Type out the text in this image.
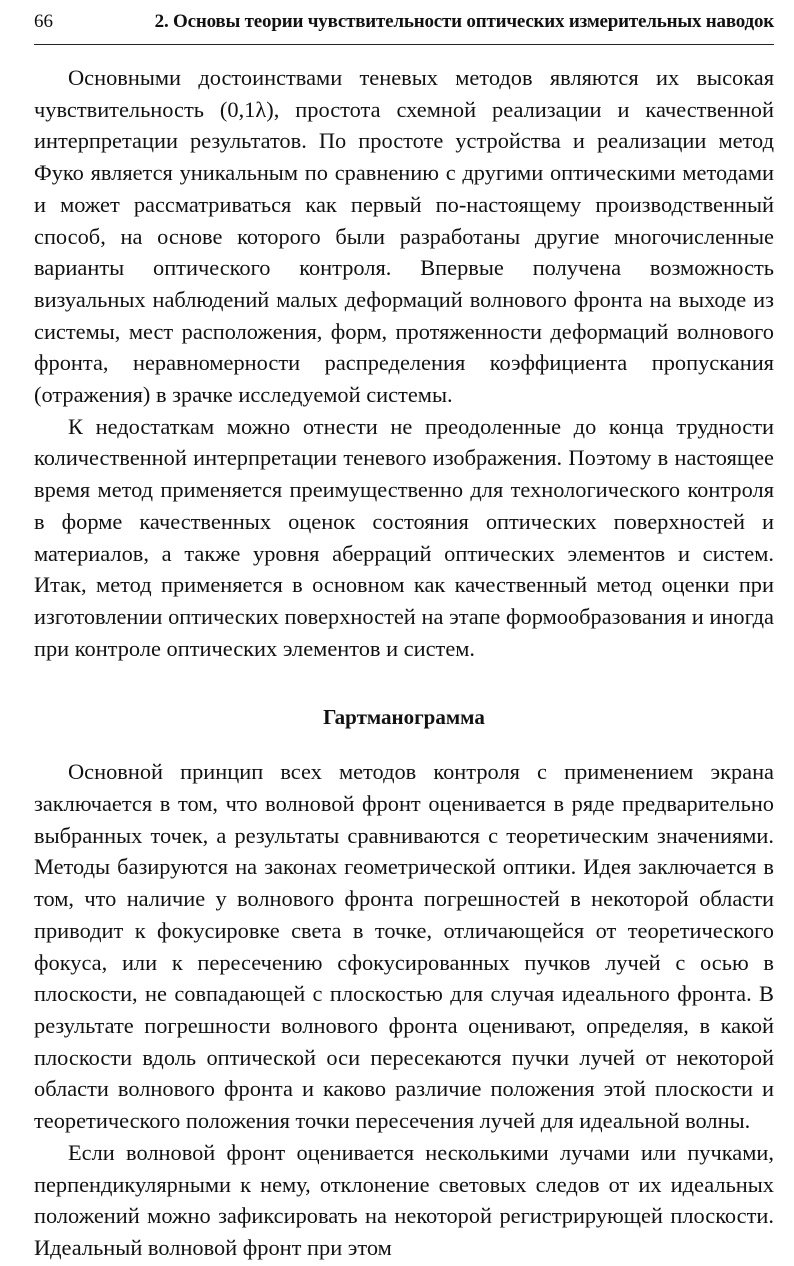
66	2. Основы теории чувствительности оптических измерительных наводок

Основными достоинствами теневых методов являются их высокая чувствительность (0,1λ), простота схемной реализации и качественной интерпретации результатов. По простоте устройства и реализации метод Фуко является уникальным по сравнению с другими оптическими методами и может рассматриваться как первый по-настоящему производственный способ, на основе которого были разработаны другие многочисленные варианты оптического контроля. Впервые получена возможность визуальных наблюдений малых деформаций волнового фронта на выходе из системы, мест расположения, форм, протяженности деформаций волнового фронта, неравномерности распределения коэффициента пропускания (отражения) в зрачке исследуемой системы.

К недостаткам можно отнести не преодоленные до конца трудности количественной интерпретации теневого изображения. Поэтому в настоящее время метод применяется преимущественно для технологического контроля в форме качественных оценок состояния оптических поверхностей и материалов, а также уровня аберраций оптических элементов и систем. Итак, метод применяется в основном как качественный метод оценки при изготовлении оптических поверхностей на этапе формообразования и иногда при контроле оптических элементов и систем.

Гартманограмма

Основной принцип всех методов контроля с применением экрана заключается в том, что волновой фронт оценивается в ряде предварительно выбранных точек, а результаты сравниваются с теоретическим значениями. Методы базируются на законах геометрической оптики. Идея заключается в том, что наличие у волнового фронта погрешностей в некоторой области приводит к фокусировке света в точке, отличающейся от теоретического фокуса, или к пересечению сфокусированных пучков лучей с осью в плоскости, не совпадающей с плоскостью для случая идеального фронта. В результате погрешности волнового фронта оценивают, определяя, в какой плоскости вдоль оптической оси пересекаются пучки лучей от некоторой области волнового фронта и каково различие положения этой плоскости и теоретического положения точки пересечения лучей для идеальной волны.

Если волновой фронт оценивается несколькими лучами или пучками, перпендикулярными к нему, отклонение световых следов от их идеальных положений можно зафиксировать на некоторой регистрирующей плоскости. Идеальный волновой фронт при этом
